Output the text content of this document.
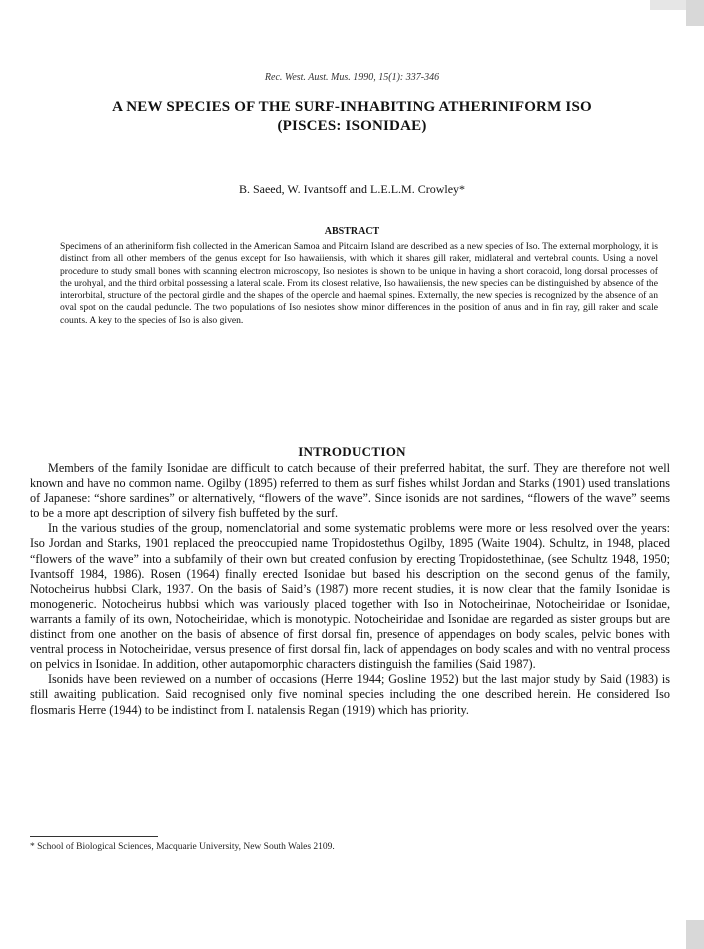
Rec. West. Aust. Mus. 1990, 15(1): 337-346
A NEW SPECIES OF THE SURF-INHABITING ATHERINIFORM ISO
(PISCES: ISONIDAE)
B. Saeed, W. Ivantsoff and L.E.L.M. Crowley*
ABSTRACT
Specimens of an atheriniform fish collected in the American Samoa and Pitcairn Island are described as a new species of Iso. The external morphology, it is distinct from all other members of the genus except for Iso hawaiiensis, with which it shares gill raker, midlateral and vertebral counts. Using a novel procedure to study small bones with scanning electron microscopy, Iso nesiotes is shown to be unique in having a short coracoid, long dorsal processes of the urohyal, and the third orbital possessing a lateral scale. From its closest relative, Iso hawaiiensis, the new species can be distinguished by absence of the interorbital, structure of the pectoral girdle and the shapes of the opercle and haemal spines. Externally, the new species is recognized by the absence of an oval spot on the caudal peduncle. The two populations of Iso nesiotes show minor differences in the position of anus and in fin ray, gill raker and scale counts. A key to the species of Iso is also given.
INTRODUCTION

Members of the family Isonidae are difficult to catch because of their preferred habitat, the surf. They are therefore not well known and have no common name. Ogilby (1895) referred to them as surf fishes whilst Jordan and Starks (1901) used translations of Japanese: “shore sardines” or alternatively, “flowers of the wave”. Since isonids are not sardines, “flowers of the wave” seems to be a more apt description of silvery fish buffeted by the surf.

In the various studies of the group, nomenclatorial and some systematic problems were more or less resolved over the years: Iso Jordan and Starks, 1901 replaced the preoccupied name Tropidostethus Ogilby, 1895 (Waite 1904). Schultz, in 1948, placed “flowers of the wave” into a subfamily of their own but created confusion by erecting Tropidostethinae, (see Schultz 1948, 1950; Ivantsoff 1984, 1986). Rosen (1964) finally erected Isonidae but based his description on the second genus of the family, Notocheirus hubbsi Clark, 1937. On the basis of Said’s (1987) more recent studies, it is now clear that the family Isonidae is monogeneric. Notocheirus hubbsi which was variously placed together with Iso in Notocheirinae, Notocheiridae or Isonidae, warrants a family of its own, Notocheiridae, which is monotypic. Notocheiridae and Isonidae are regarded as sister groups but are distinct from one another on the basis of absence of first dorsal fin, presence of appendages on body scales, pelvic bones with ventral process in Notocheiridae, versus presence of first dorsal fin, lack of appendages on body scales and with no ventral process on pelvics in Isonidae. In addition, other autapomorphic characters distinguish the families (Said 1987).

Isonids have been reviewed on a number of occasions (Herre 1944; Gosline 1952) but the last major study by Said (1983) is still awaiting publication. Said recognised only five nominal species including the one described herein. He considered Iso flosmaris Herre (1944) to be indistinct from I. natalensis Regan (1919) which has priority.

* School of Biological Sciences, Macquarie University, New South Wales 2109.
